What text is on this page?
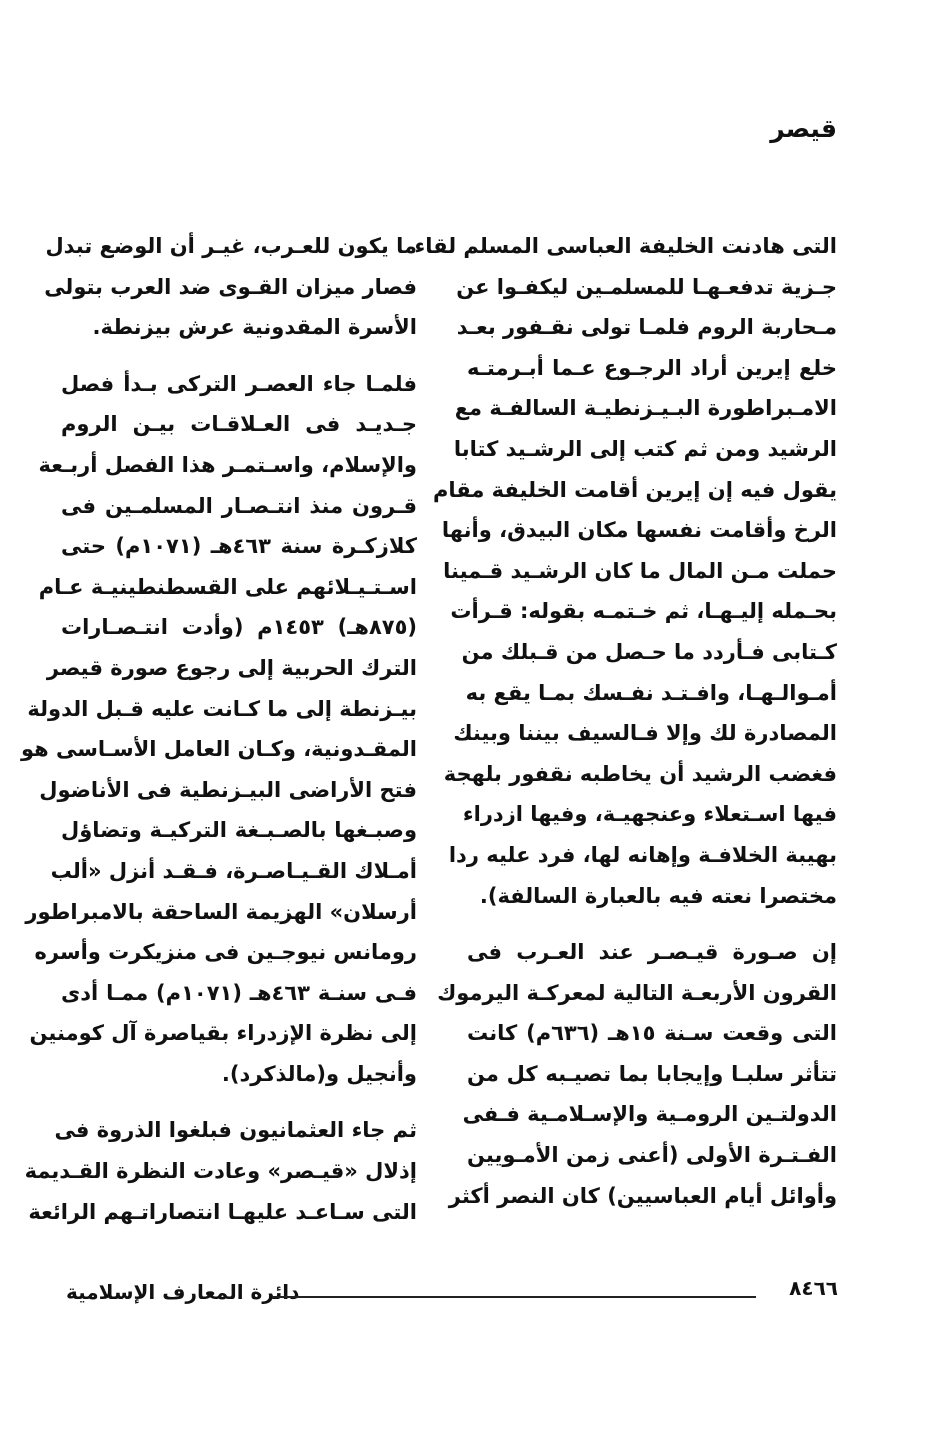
قيصر
التى هادنت الخليفة العباسى المسلم لقاء
جـزية تدفعـهـا للمسلمـين ليكفـوا عن
مـحاربة الروم فلمـا تولى نقـفور بعـد
خلع إيرين أراد الرجـوع عـما أبـرمتـه
الامـبراطورة البـيـزنطيـة السالفـة مع
الرشيد ومن ثم كتب إلى الرشـيد كتابا
يقول فيه إن إيرين أقامت الخليفة مقام
الرخ وأقامت نفسها مكان البيدق، وأنها
حملت مـن المال ما كان الرشـيد قـمينا
بحـمله إليـهـا، ثم خـتمـه بقوله: قـرأت
كـتابى فـأردد ما حـصل من قـبلك من
أمـوالـهـا، وافـتـد نفـسك بمـا يقع به
المصادرة لك وإلا فـالسيف بيننا وبينك
فغضب الرشيد أن يخاطبه نقفور بلهجة
فيها اسـتعلاء وعنجهيـة، وفيها ازدراء
بهيبة الخلافـة وإهانه لها، فرد عليه ردا
مختصرا نعته فيه بالعبارة السالفة).
إن صـورة قيـصـر عند العـرب فى
القرون الأربعـة التالية لمعركـة اليرموك
التى وقعت سـنة ١٥هـ (٦٣٦م) كانت
تتأثر سلبـا وإيجابا بما تصيـبه كل من
الدولتـين الرومـية والإسـلامـية فـفى
الفـتـرة الأولى (أعنى زمن الأمـويين
وأوائل أيام العباسيين) كان النصر أكثر
ما يكون للعـرب، غيـر أن الوضع تبدل
فصار ميزان القـوى ضد العرب بتولى
الأسرة المقدونية عرش بيزنطة.
فلمـا جاء العصـر التركى بـدأ فصل
جـديـد فى العـلاقـات بيـن الروم
والإسلام، واسـتمـر هذا الفصل أربـعة
قـرون منذ انتـصـار المسلمـين فى
كلازكـرة سنة ٤٦٣هـ (١٠٧١م) حتى
اسـتـيـلائهم على القسطنطينيـة عـام
(٨٧٥هـ) ١٤٥٣م (وأدت انتـصـارات
الترك الحربية إلى رجوع صورة قيصر
بيـزنطة إلى ما كـانت عليه قـبل الدولة
المقـدونية، وكـان العامل الأسـاسى هو
فتح الأراضى البيـزنطية فى الأناضول
وصبـغها بالصـبـغة التركيـة وتضاؤل
أمـلاك القـيـاصـرة، فـقـد أنزل «ألب
أرسلان» الهزيمة الساحقة بالامبراطور
رومانس نيوجـين فى منزيكرت وأسره
فـى سنـة ٤٦٣هـ (١٠٧١م) ممـا أدى
إلى نظرة الإزدراء بقياصرة آل كومنين
وأنجيل و(مالذكرد).
ثم جاء العثمانيون فبلغوا الذروة فى
إذلال «قيـصر» وعادت النظرة القـديمة
التى سـاعـد عليهـا انتصاراتـهم الرائعة
دائرة المعارف الإسلامية	٨٤٦٦
